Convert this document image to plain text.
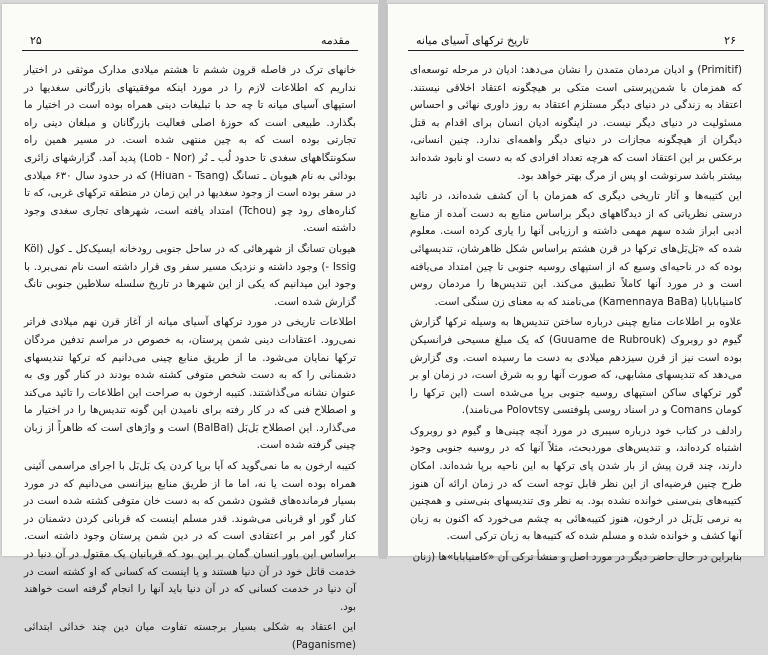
۲۵	مقدمه

خانهای ترک در فاصله قرون ششم تا هشتم میلادی مدارک موثقی در اختیار نداریم که اطلاعات لازم را در مورد اینکه موفقیتهای بازرگانی سغدیها در استپهای آسیای میانه تا چه حد با تبلیغات دینی همراه بوده است در اختیار ما بگذارد. طبیعی است که حوزهٔ اصلی فعالیت بازرگانان و مبلغان دینی راه تجارتی بوده است که به چین منتهی شده است. در مسیر همین راه سکونتگاههای سغدی تا حدود لُب ـ نُر (Lob - Nor) پدید آمد. گزارشهای زائری بودائی به نام هیوبان ـ تسانگ (Hiuan - Tsang) که در حدود سال ۶۳۰ میلادی در سفر بوده است از وجود سغدیها در این زمان در منطقه ترکهای غربی، که تا کناره‌های رود چو (Tchou) امتداد یافته است، شهرهای تجاری سغدی وجود داشته است.

هیوبان تسانگ از شهرهائی که در ساحل جنوبی رودخانه ایسیک‌کل ـ کول (Köl - Issig) وجود داشته و نزدیک مسیر سفر وی قرار داشته است نام نمی‌برد. با وجود این میدانیم که یکی از این شهرها در تاریخ سلسله سلاطین جنوبی تانگ گزارش شده است.

اطلاعات تاریخی در مورد ترکهای آسیای میانه از آغاز قرن نهم میلادی فراتر نمی‌رود. اعتقادات دینی شمن پرستان، به خصوص در مراسم تدفین مردگان ترکها نمایان می‌شود. ما از طریق منابع چینی می‌دانیم که ترکها تندیسهای دشمنانی را که به دست شخص متوفی کشته شده بودند در کنار گور وی به عنوان نشانه می‌گذاشتند. کتیبه ارخون به صراحت این اطلاعات را تائید می‌کند و اصطلاح فنی که در کار رفته برای نامیدن این گونه تندیس‌ها را در اختیار ما می‌گذارد. این اصطلاح بَل‌بَل (BalBal) است و واژهای است که ظاهراً از زبان چینی گرفته شده است.

کتیبه ارخون به ما نمی‌گوید که آیا برپا کردن یک بَل‌بَل با اجرای مراسمی آئینی همراه بوده است یا نه، اما ما از طریق منابع بیزانسی می‌دانیم که در مورد بسیار فرمانده‌های قشون دشمن که به دست خان متوفی کشته شده است در کنار گور او قربانی می‌شوند. قدر مسلم اینست که قربانی کردن دشمنان در کنار گور امر بر اعتقادی است که در دین شمن پرستان وجود داشته است. براساس این باور انسان گمان بر این بود که قربانیان یک مقتول در آن دنیا در خدمت قاتل خود در آن دنیا هستند و یا اینست که کسانی که او کشته است در آن دنیا در خدمت کسانی که در آن دنیا باید آنها را انجام گرفته است خواهند بود.

این اعتقاد به شکلی بسیار برجسته تفاوت میان دین چند خدائی ابتدائی (Paganisme)

۲۶
تاریخ ترکهای آسیای میانه

(Primitif) و ادیان مردمان متمدن را نشان می‌دهد: ادیان در مرحله توسعه‌ای که همزمان با شمن‌پرستی است متکی بر هیچگونه اعتقاد اخلاقی نیستند. اعتقاد به زندگی در دنیای دیگر مستلزم اعتقاد به روز داوری نهائی و احساس مسئولیت در دنیای دیگر نیست. در اینگونه ادیان انسان برای اقدام به قتل دیگران از هیچگونه مجازات در دنیای دیگر واهمه‌ای ندارد. چنین انسانی، برعکس بر این اعتقاد است که هرچه تعداد افرادی که به دست او نابود شده‌اند بیشتر باشد سرنوشت او پس از مرگ بهتر خواهد بود.

این کتیبه‌ها و آثار تاریخی دیگری که همزمان با آن کشف شده‌اند، در تائید درستی نظریاتی که از دیدگاههای دیگر براساس منابع به دست آمده از منابع ادبی ابراز شده سهم مهمی داشته و ارزیابی آنها را یاری کرده است. معلوم شده که «بَل‌بَل‌های ترکها در قرن هشتم براساس شکل ظاهرشان، تندیسهائی بوده که در ناحیه‌ای وسیع که از استپهای روسیه جنوبی تا چین امتداد می‌یافته است و در مورد آنها کاملاً تطبیق می‌کند. این تندیس‌ها را مردمان روس کامنیابابابا (Kamennaya BaBa) می‌نامند که به معنای زن سنگی است.

علاوه بر اطلاعات منابع چینی درباره ساختن تندیس‌ها به وسیله ترکها گزارش گیوم دو روبروک (Guuame de Rubrouk) که یک مبلغ مسیحی فرانسیکن بوده است نیز از قرن سیزدهم میلادی به دست ما رسیده است. وی گزارش می‌دهد که تندیسهای مشابهی، که صورت آنها رو به شرق است، در زمان او بر گور ترکهای ساکن استپهای روسیه جنوبی برپا می‌شده است (این ترکها را کومان Comans و در اسناد روسی پلوفتسی Polovtsy می‌نامند).

رادلف در کتاب خود درباره سیبری در مورد آنچه چینی‌ها و گیوم دو روبروک اشتباه کرده‌اند، و تندیس‌های موردبحث، مثلاً آنها که در روسیه جنوبی وجود دارند، چند قرن پیش از بار شدن پای ترکها به این ناحیه برپا شده‌اند. امکان طرح چنین فرضیه‌ای از این نظر قابل توجه است که در زمان ارائه آن هنوز کتیبه‌های بنی‌سنی خوانده نشده بود. به نظر وی تندیسهای بنی‌سنی و همچنین به نرمی بَل‌بَل در ارخون، هنوز کتیبه‌هائی به چشم می‌خورد که اکنون به زبان آنها کشف و خوانده شده و مسلم شده که کتیبه‌ها به زبان ترکی است.

بنابراین در حال حاضر دیگر در مورد اصل و منشأ ترکی آن «کامنیابابا»ها (زنان
